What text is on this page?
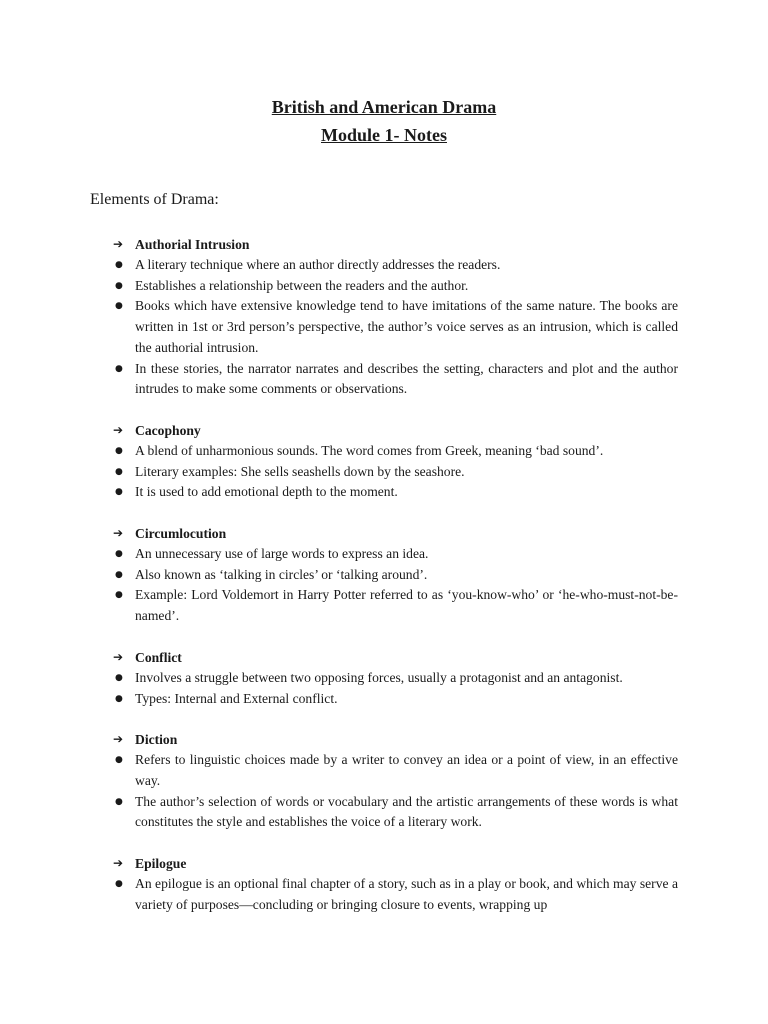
British and American Drama
Module 1- Notes
Elements of Drama:
➔ Authorial Intrusion
● A literary technique where an author directly addresses the readers.
● Establishes a relationship between the readers and the author.
● Books which have extensive knowledge tend to have imitations of the same nature. The books are written in 1st or 3rd person’s perspective, the author’s voice serves as an intrusion, which is called the authorial intrusion.
● In these stories, the narrator narrates and describes the setting, characters and plot and the author intrudes to make some comments or observations.
➔ Cacophony
● A blend of unharmonious sounds. The word comes from Greek, meaning ‘bad sound’.
● Literary examples: She sells seashells down by the seashore.
● It is used to add emotional depth to the moment.
➔ Circumlocution
● An unnecessary use of large words to express an idea.
● Also known as ‘talking in circles’ or ‘talking around’.
● Example: Lord Voldemort in Harry Potter referred to as ‘you-know-who’ or ‘he-who-must-not-be-named’.
➔ Conflict
● Involves a struggle between two opposing forces, usually a protagonist and an antagonist.
● Types: Internal and External conflict.
➔ Diction
● Refers to linguistic choices made by a writer to convey an idea or a point of view, in an effective way.
● The author’s selection of words or vocabulary and the artistic arrangements of these words is what constitutes the style and establishes the voice of a literary work.
➔ Epilogue
● An epilogue is an optional final chapter of a story, such as in a play or book, and which may serve a variety of purposes—concluding or bringing closure to events, wrapping up
